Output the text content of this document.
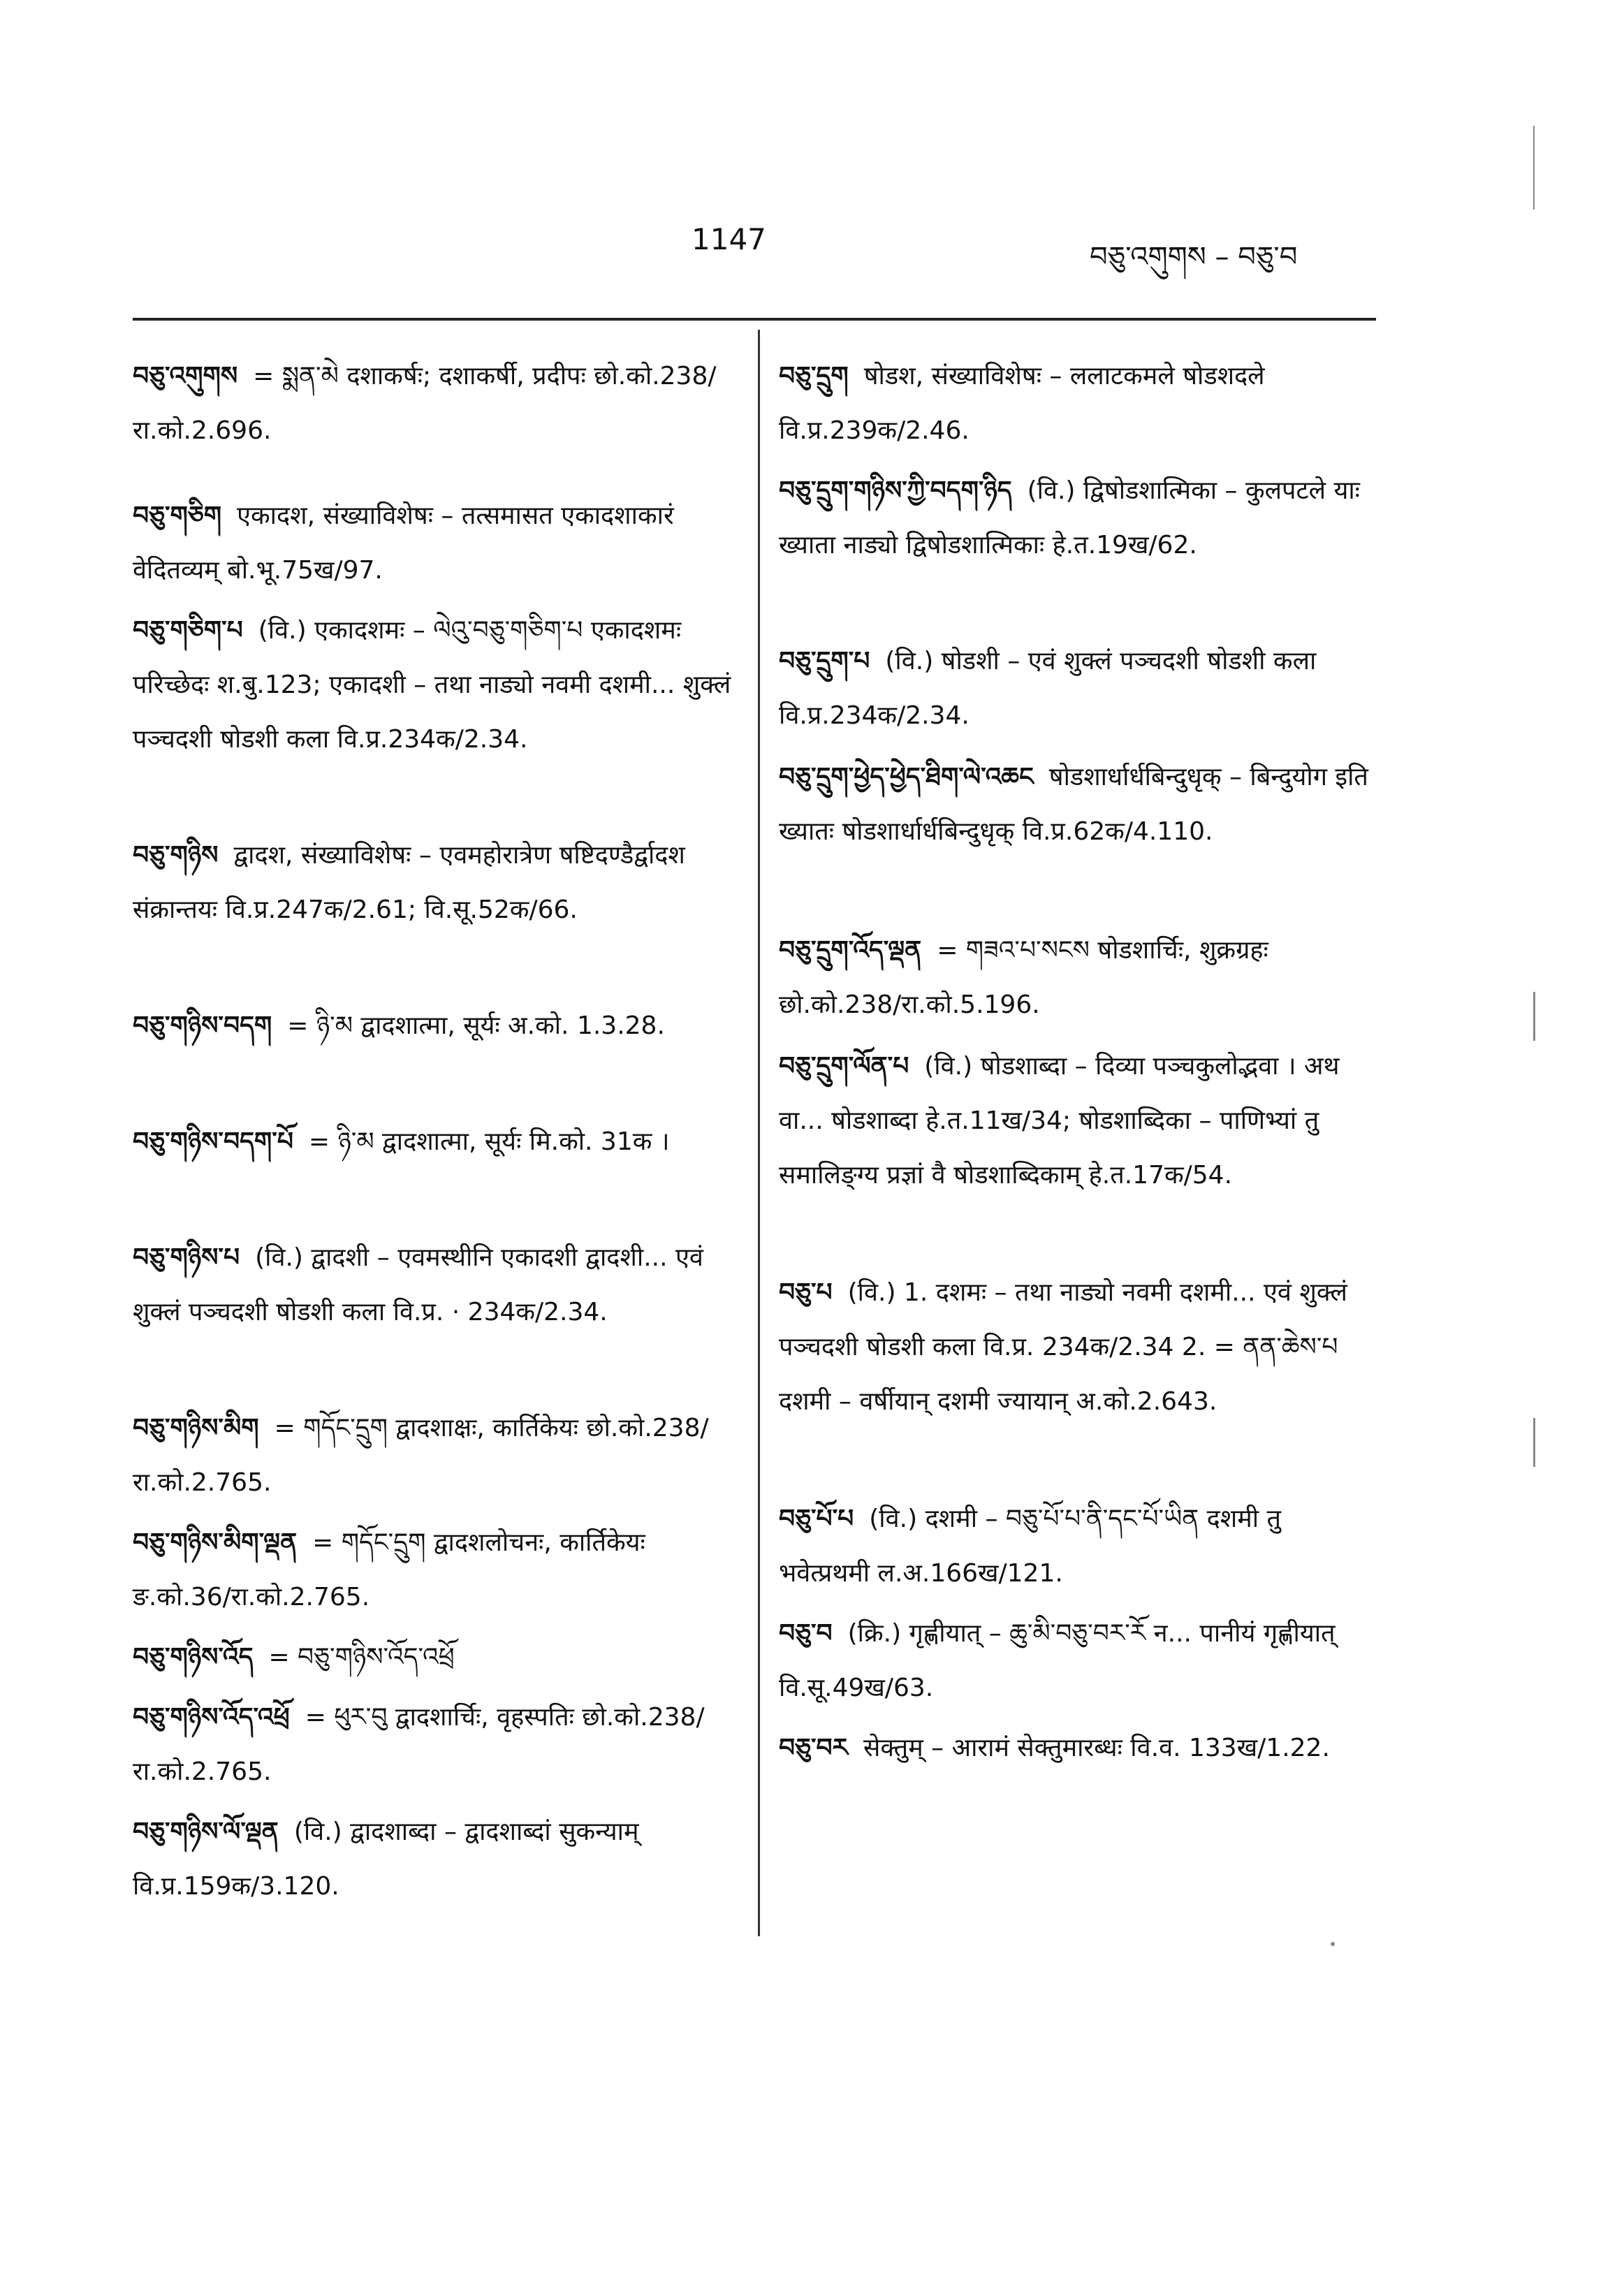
1147
བཅུ་འགུགས – བཅུ་བ

བཅུ་འགུགས = སྨན་མེ दशाकर्षः; दशाकर्षी, प्रदीपः छो.को.238/रा.को.2.696.

བཅུ་གཅིག एकादश, संख्याविशेषः – तत्समासत एकादशाकारं वेदितव्यम् बो.भू.75ख/97.

བཅུ་གཅིག་པ (वि.) एकादशमः – ལེའུ་བཅུ་གཅིག་པ एकादशमः परिच्छेदः श.बु.123; एकादशी – तथा नाड्यो नवमी दशमी... शुक्लं पञ्चदशी षोडशी कला वि.प्र.234क/2.34.

བཅུ་གཉིས द्वादश, संख्याविशेषः – एवमहोरात्रेण षष्टिदण्डैर्द्वादश संक्रान्तयः वि.प्र.247क/2.61; वि.सू.52क/66.

བཅུ་གཉིས་བདག = ཉི་མ द्वादशात्मा, सूर्यः अ.को. 1.3.28.

བཅུ་གཉིས་བདག་པོ = ཉི་མ द्वादशात्मा, सूर्यः मि.को. 31क ।

བཅུ་གཉིས་པ (वि.) द्वादशी – एवमस्थीनि एकादशी द्वादशी... एवं शुक्लं पञ्चदशी षोडशी कला वि.प्र. · 234क/2.34.

བཅུ་གཉིས་མིག = གདོང་དྲུག द्वादशाक्षः, कार्तिकेयः छो.को.238/रा.को.2.765.

བཅུ་གཉིས་མིག་ལྡན = གདོང་དྲུག द्वादशलोचनः, कार्तिकेयः ङ.को.36/रा.को.2.765.

བཅུ་གཉིས་འོད = བཅུ་གཉིས་འོད་འཕྲོ

བཅུ་གཉིས་འོད་འཕྲོ = ཕུར་བུ द्वादशार्चिः, वृहस्पतिः छो.को.238/रा.को.2.765.

བཅུ་གཉིས་ལོ་ལྡན (वि.) द्वादशाब्दा – द्वादशाब्दां सुकन्याम् वि.प्र.159क/3.120.

བཅུ་དྲུག षोडश, संख्याविशेषः – ललाटकमले षोडशदले वि.प्र.239क/2.46.

བཅུ་དྲུག་གཉིས་ཀྱི་བདག་ཉིད (वि.) द्विषोडशात्मिका – कुलपटले याः ख्याता नाड्यो द्विषोडशात्मिकाः हे.त.19ख/62.

བཅུ་དྲུག་པ (वि.) षोडशी – एवं शुक्लं पञ्चदशी षोडशी कला वि.प्र.234क/2.34.

བཅུ་དྲུག་ཕྱེད་ཕྱེད་ཐིག་ལེ་འཆང षोडशार्धार्धबिन्दुधृक् – बिन्दुयोग इति ख्यातः षोडशार्धार्धबिन्दुधृक् वि.प्र.62क/4.110.

བཅུ་དྲུག་འོད་ལྡན = གཟའ་པ་སངས षोडशार्चिः, शुक्रग्रहः छो.को.238/रा.को.5.196.

བཅུ་དྲུག་ལོན་པ (वि.) षोडशाब्दा – दिव्या पञ्चकुलोद्भवा । अथ वा... षोडशाब्दा हे.त.11ख/34; षोडशाब्दिका – पाणिभ्यां तु समालिङ्ग्य प्रज्ञां वै षोडशाब्दिकाम् हे.त.17क/54.

བཅུ་པ (वि.) 1. दशमः – तथा नाड्यो नवमी दशमी... एवं शुक्लं पञ्चदशी षोडशी कला वि.प्र. 234क/2.34 2. = ནན་ཆེས་པ दशमी – वर्षीयान् दशमी ज्यायान् अ.को.2.643.

བཅུ་པོ་པ (वि.) दशमी – བཅུ་པོ་པ་ནི་དང་པོ་ཡིན दशमी तु भवेत्प्रथमी ल.अ.166ख/121.

བཅུ་བ (क्रि.) गृह्णीयात् – ཆུ་མི་བཅུ་བར་རོ न... पानीयं गृह्णीयात् वि.सू.49ख/63.

བཅུ་བར सेक्तुम् – आरामं सेक्तुमारब्धः वि.व. 133ख/1.22.
